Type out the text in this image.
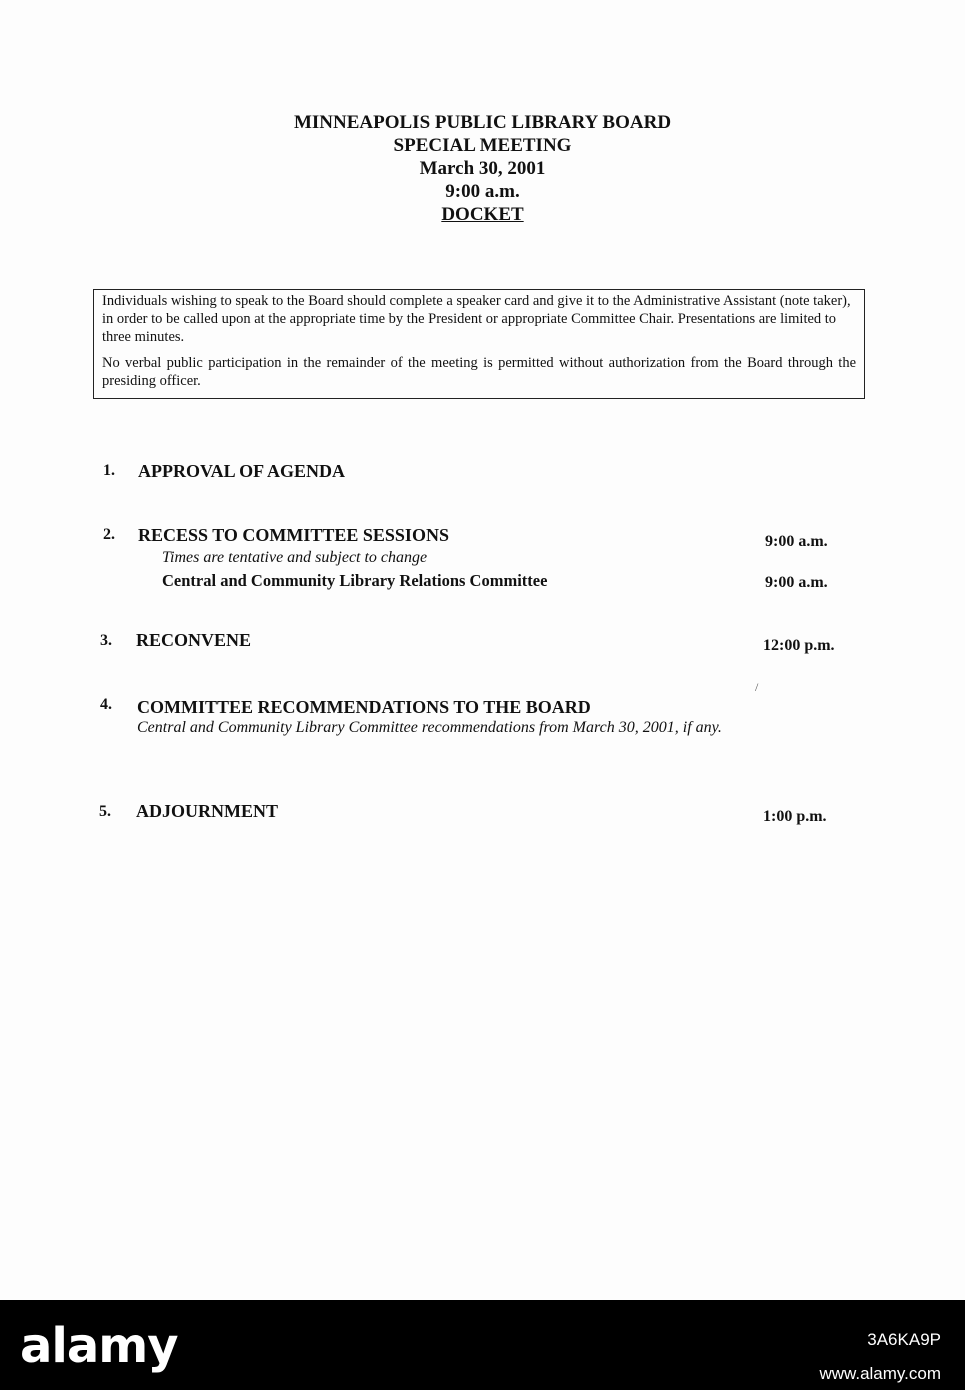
MINNEAPOLIS PUBLIC LIBRARY BOARD
SPECIAL MEETING
March 30, 2001
9:00 a.m.
DOCKET

Individuals wishing to speak to the Board should complete a speaker card and give it to the Administrative Assistant (note taker), in order to be called upon at the appropriate time by the President or appropriate Committee Chair. Presentations are limited to three minutes.

No verbal public participation in the remainder of the meeting is permitted without authorization from the Board through the presiding officer.

1. APPROVAL OF AGENDA
2. RECESS TO COMMITTEE SESSIONS	9:00 a.m.
Times are tentative and subject to change
Central and Community Library Relations Committee	9:00 a.m.
3. RECONVENE	12:00 p.m.
/
4. COMMITTEE RECOMMENDATIONS TO THE BOARD
Central and Community Library Committee recommendations from March 30, 2001, if any.
5. ADJOURNMENT	1:00 p.m.
alamy	3A6KA9P
www.alamy.com
